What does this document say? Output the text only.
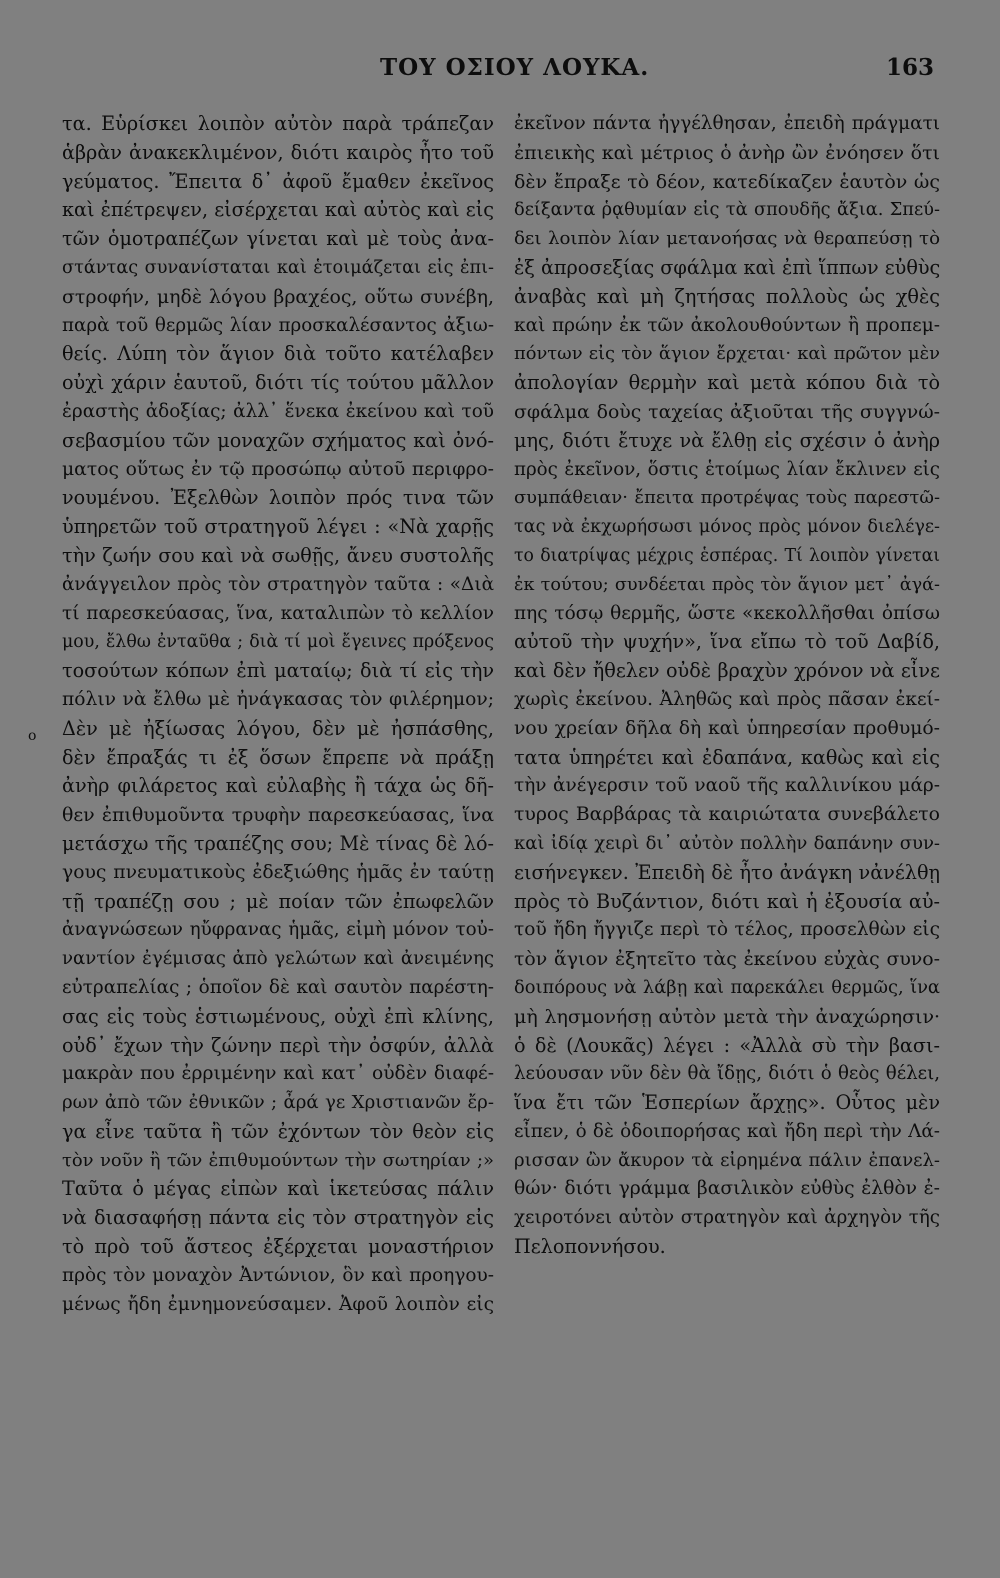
ΤΟΥ ΟΣΙΟΥ ΛΟΥΚΑ.	163
o
τα. Εὑρίσκει λοιπὸν αὐτὸν παρὰ τράπεζαν
ἁβρὰν ἀνακεκλιμένον, διότι καιρὸς ἦτο τοῦ
γεύματος. Ἔπειτα δ᾽ ἀφοῦ ἔμαθεν ἐκεῖνος
καὶ ἐπέτρεψεν, εἰσέρχεται καὶ αὐτὸς καὶ εἰς
τῶν ὁμοτραπέζων γίνεται καὶ μὲ τοὺς ἀνα-
στάντας συνανίσταται καὶ ἑτοιμάζεται εἰς ἐπι-
στροφήν, μηδὲ λόγου βραχέος, οὕτω συνέβη,
παρὰ τοῦ θερμῶς λίαν προσκαλέσαντος ἀξιω-
θείς. Λύπη τὸν ἅγιον διὰ τοῦτο κατέλαβεν
οὐχὶ χάριν ἑαυτοῦ, διότι τίς τούτου μᾶλλον
ἐραστὴς ἀδοξίας; ἀλλ᾽ ἕνεκα ἐκείνου καὶ τοῦ
σεβασμίου τῶν μοναχῶν σχήματος καὶ ὀνό-
ματος οὕτως ἐν τῷ προσώπῳ αὐτοῦ περιφρο-
νουμένου. Ἐξελθὼν λοιπὸν πρός τινα τῶν
ὑπηρετῶν τοῦ στρατηγοῦ λέγει : «Νὰ χαρῇς
τὴν ζωήν σου καὶ νὰ σωθῇς, ἄνευ συστολῆς
ἀνάγγειλον πρὸς τὸν στρατηγὸν ταῦτα : «Διὰ
τί παρεσκεύασας, ἵνα, καταλιπὼν τὸ κελλίον
μου, ἔλθω ἐνταῦθα ; διὰ τί μοὶ ἔγεινες πρόξενος
τοσούτων κόπων ἐπὶ ματαίῳ; διὰ τί εἰς τὴν
πόλιν νὰ ἔλθω μὲ ἠνάγκασας τὸν φιλέρημον;
Δὲν μὲ ἠξίωσας λόγου, δὲν μὲ ἠσπάσθης,
δὲν ἔπραξάς τι ἐξ ὅσων ἔπρεπε νὰ πράξῃ
ἀνὴρ φιλάρετος καὶ εὐλαβὴς ἢ τάχα ὡς δῆ-
θεν ἐπιθυμοῦντα τρυφὴν παρεσκεύασας, ἵνα
μετάσχω τῆς τραπέζης σου; Μὲ τίνας δὲ λό-
γους πνευματικοὺς ἐδεξιώθης ἡμᾶς ἐν ταύτῃ
τῇ τραπέζῃ σου ; μὲ ποίαν τῶν ἐπωφελῶν
ἀναγνώσεων ηὔφρανας ἡμᾶς, εἰμὴ μόνον τοὐ-
ναντίον ἐγέμισας ἀπὸ γελώτων καὶ ἀνειμένης
εὐτραπελίας ; ὁποῖον δὲ καὶ σαυτὸν παρέστη-
σας εἰς τοὺς ἑστιωμένους, οὐχὶ ἐπὶ κλίνης,
οὐδ᾽ ἔχων τὴν ζώνην περὶ τὴν ὀσφύν, ἀλλὰ
μακρὰν που ἐρριμένην καὶ κατ᾽ οὐδὲν διαφέ-
ρων ἀπὸ τῶν ἐθνικῶν ; ἆρά γε Χριστιανῶν ἔρ-
γα εἶνε ταῦτα ἢ τῶν ἐχόντων τὸν θεὸν εἰς
τὸν νοῦν ἢ τῶν ἐπιθυμούντων τὴν σωτηρίαν ;»
Ταῦτα ὁ μέγας εἰπὼν καὶ ἱκετεύσας πάλιν
νὰ διασαφήσῃ πάντα εἰς τὸν στρατηγὸν εἰς
τὸ πρὸ τοῦ ἄστεος ἐξέρχεται μοναστήριον
πρὸς τὸν μοναχὸν Ἀντώνιον, ὃν καὶ προηγου-
μένως ἤδη ἐμνημονεύσαμεν. Ἀφοῦ λοιπὸν εἰς
ἐκεῖνον πάντα ἠγγέλθησαν, ἐπειδὴ πράγματι
ἐπιεικὴς καὶ μέτριος ὁ ἀνὴρ ὢν ἐνόησεν ὅτι
δὲν ἔπραξε τὸ δέον, κατεδίκαζεν ἑαυτὸν ὡς
δείξαντα ῥᾳθυμίαν εἰς τὰ σπουδῆς ἄξια. Σπεύ-
δει λοιπὸν λίαν μετανοήσας νὰ θεραπεύσῃ τὸ
ἐξ ἀπροσεξίας σφάλμα καὶ ἐπὶ ἵππων εὐθὺς
ἀναβὰς καὶ μὴ ζητήσας πολλοὺς ὡς χθὲς
καὶ πρώην ἐκ τῶν ἀκολουθούντων ἢ προπεμ-
πόντων εἰς τὸν ἅγιον ἔρχεται· καὶ πρῶτον μὲν
ἀπολογίαν θερμὴν καὶ μετὰ κόπου διὰ τὸ
σφάλμα δοὺς ταχείας ἀξιοῦται τῆς συγγνώ-
μης, διότι ἔτυχε νὰ ἔλθῃ εἰς σχέσιν ὁ ἀνὴρ
πρὸς ἐκεῖνον, ὅστις ἑτοίμως λίαν ἔκλινεν εἰς
συμπάθειαν· ἔπειτα προτρέψας τοὺς παρεστῶ-
τας νὰ ἐκχωρήσωσι μόνος πρὸς μόνον διελέγε-
το διατρίψας μέχρις ἑσπέρας. Τί λοιπὸν γίνεται
ἐκ τούτου; συνδέεται πρὸς τὸν ἅγιον μετ᾽ ἀγά-
πης τόσῳ θερμῆς, ὥστε «κεκολλῆσθαι ὀπίσω
αὐτοῦ τὴν ψυχήν», ἵνα εἴπω τὸ τοῦ Δαβίδ,
καὶ δὲν ἤθελεν οὐδὲ βραχὺν χρόνον νὰ εἶνε
χωρὶς ἐκείνου. Ἀληθῶς καὶ πρὸς πᾶσαν ἐκεί-
νου χρείαν δῆλα δὴ καὶ ὑπηρεσίαν προθυμό-
τατα ὑπηρέτει καὶ ἐδαπάνα, καθὼς καὶ εἰς
τὴν ἀνέγερσιν τοῦ ναοῦ τῆς καλλινίκου μάρ-
τυρος Βαρβάρας τὰ καιριώτατα συνεβάλετο
καὶ ἰδίᾳ χειρὶ δι᾽ αὐτὸν πολλὴν δαπάνην συν-
εισήνεγκεν. Ἐπειδὴ δὲ ἦτο ἀνάγκη νἀνέλθῃ
πρὸς τὸ Βυζάντιον, διότι καὶ ἡ ἐξουσία αὐ-
τοῦ ἤδη ἤγγιζε περὶ τὸ τέλος, προσελθὼν εἰς
τὸν ἅγιον ἐξητεῖτο τὰς ἐκείνου εὐχὰς συνο-
δοιπόρους νὰ λάβῃ καὶ παρεκάλει θερμῶς, ἵνα
μὴ λησμονήσῃ αὐτὸν μετὰ τὴν ἀναχώρησιν·
ὁ δὲ (Λουκᾶς) λέγει : «Ἀλλὰ σὺ τὴν βασι-
λεύουσαν νῦν δὲν θὰ ἴδῃς, διότι ὁ θεὸς θέλει,
ἵνα ἔτι τῶν Ἑσπερίων ἄρχῃς». Οὗτος μὲν
εἶπεν, ὁ δὲ ὁδοιπορήσας καὶ ἤδη περὶ τὴν Λά-
ρισσαν ὢν ἄκυρον τὰ εἰρημένα πάλιν ἐπανελ-
θών· διότι γράμμα βασιλικὸν εὐθὺς ἐλθὸν ἐ-
χειροτόνει αὐτὸν στρατηγὸν καὶ ἀρχηγὸν τῆς
Πελοποννήσου.
